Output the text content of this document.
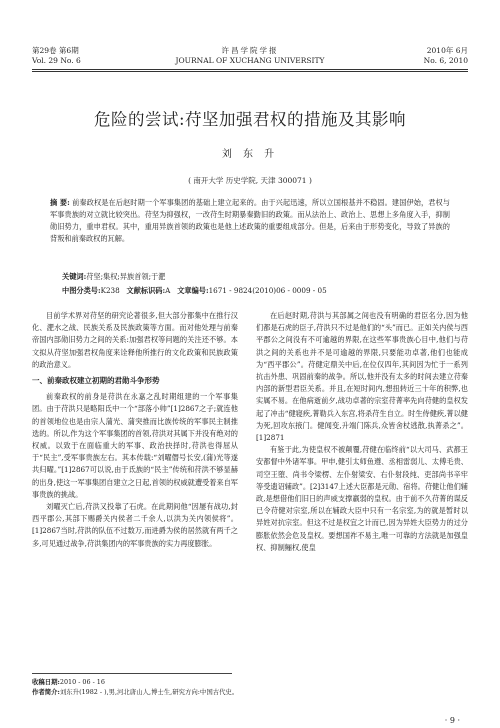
第29卷 第6期
Vol. 29 No. 6
许昌学院学报
JOURNAL OF XUCHANG UNIVERSITY
2010年 6月
No. 6, 2010
危险的尝试:苻坚加强君权的措施及其影响
刘 东 升
( 南开大学 历史学院, 天津 300071 )
摘 要: 前秦政权是在后赵时期一个军事集团的基础上建立起来的。由于兴起迅速，所以立国根基并不稳固。建国伊始，君权与军事贵族的对立就比较突出。苻坚为抑强权，一改苻生时期暴秦勤旧的政策。而从法治上、政治上、思想上多角度入手，抑制勋旧势力，重申君权。其中，重用异族首领的政策也是他上述政策的重要组成部分。但是，后来由于形势变化，导致了异族的背叛和前秦政权的瓦解。
关键词:苻坚;集权;异族首领;于淝
中图分类号:K238 文献标识码:A 文章编号:1671 - 9824(2010)06 - 0009 - 05

目前学术界对苻坚的研究论著很多,但大部分都集中在推行汉化、淝水之战、民族关系及民族政策等方面。而对他处理与前秦帝国内部勋旧势力之间的关系:加强君权等问题的关注还不够。本文拟从苻坚加强君权角度来诠释他所推行的文化政策和民族政策的政治意义。

一、前秦政权建立初期的君勋斗争形势

前秦政权的前身是苻洪在永嘉之乱时期组建的一个军事集团。由于苻洪只是略阳氐中一个“部落小帅”[1]2867之子;就连他的首领地位也是由宗人蒲光、蒲突推而比族传统的军事民主制推选的。所以,作为这个军事集团的首领,苻洪对其属下并没有绝对的权威。以致于在面临重大的军事、政治抉择时,苻洪也得屈从于“民主”,受军事贵族左右。其本传载:“刘曜僭号长安,(蒲)光等遂共归曜。”[1]2867可以说,由于氐族的“民主”传统和苻洪不够显赫的出身,使这一军事集团自建立之日起,首领的权威就遭受着来自军事贵族的挑战。

刘曜灭亡后,苻洪又投靠了石虎。在此期间他“因屡有战功,封西平郡公,其部下赐爵关内侯者二千余人,以洪为关内领侯将”。[1]2867当时,苻洪的队伍不过数万,而进爵为侯的居然就有两千之多,可见通过战争,苻洪集团内的军事贵族的实力再度膨胀。

在后赵时期,苻洪与其部属之间也没有明确的君臣名分,因为他们都是石虎的臣子,苻洪只不过是他们的“头”而已。正如关内侯与西平郡公之间没有不可逾越的界限,在这些军事贵族心目中,他们与苻洪之间的关系也并不是可逾越的界限,只要能功卓著,他们也能成为“西平郡公”。苻健定鼎关中后,在位仅四年,其间因为忙于一系列抗击外患、巩固前秦的战争。所以,他并没有太多的时间去建立苻秦内部的新型君臣关系。并且,在短时间内,想扭转近三十年的积弊,也实属不易。在他病逝前夕,战功卓著的宗室苻菁率先向苻健的皇权发起了冲击“健寝疾,菁勒兵入东宫,将杀苻生自立。时生侍健疾,菁以健为死,回攻东掖门。健闻变,升端门陈兵,众皆舍杖逃散,执菁杀之”。[1]2871

有鉴于此,为使皇权不被颠覆,苻健在临终前“以大司马、武都王安都督中外诸军事。甲申,健引太师鱼遵、丞相雷弱儿、太傅毛贵、司空王堕、尚书令梁楞、左仆射梁安、右仆射段纯、吏部尚书辛牢等受遗诏辅政”。[2]3147上述大臣都是元勋、宿将。苻健让他们辅政,是想借他们旧日的声威支撑羸弱的皇权。由于前不久苻菁的谋反已令苻健对宗室,所以在辅政大臣中只有一名宗室,为的就是暂时以异姓对抗宗室。但这不过是权宜之计而已,因为异姓大臣势力的过分膨胀依然会危及皇权。要想国祚不易主,唯一可靠的方法就是加强皇权、抑制鲡权,使皇

收稿日期:2010 - 06 - 16
作者简介:刘东升(1982 - ),男,河北唐山人,博士生,研究方向:中国古代史。
· 9 ·
